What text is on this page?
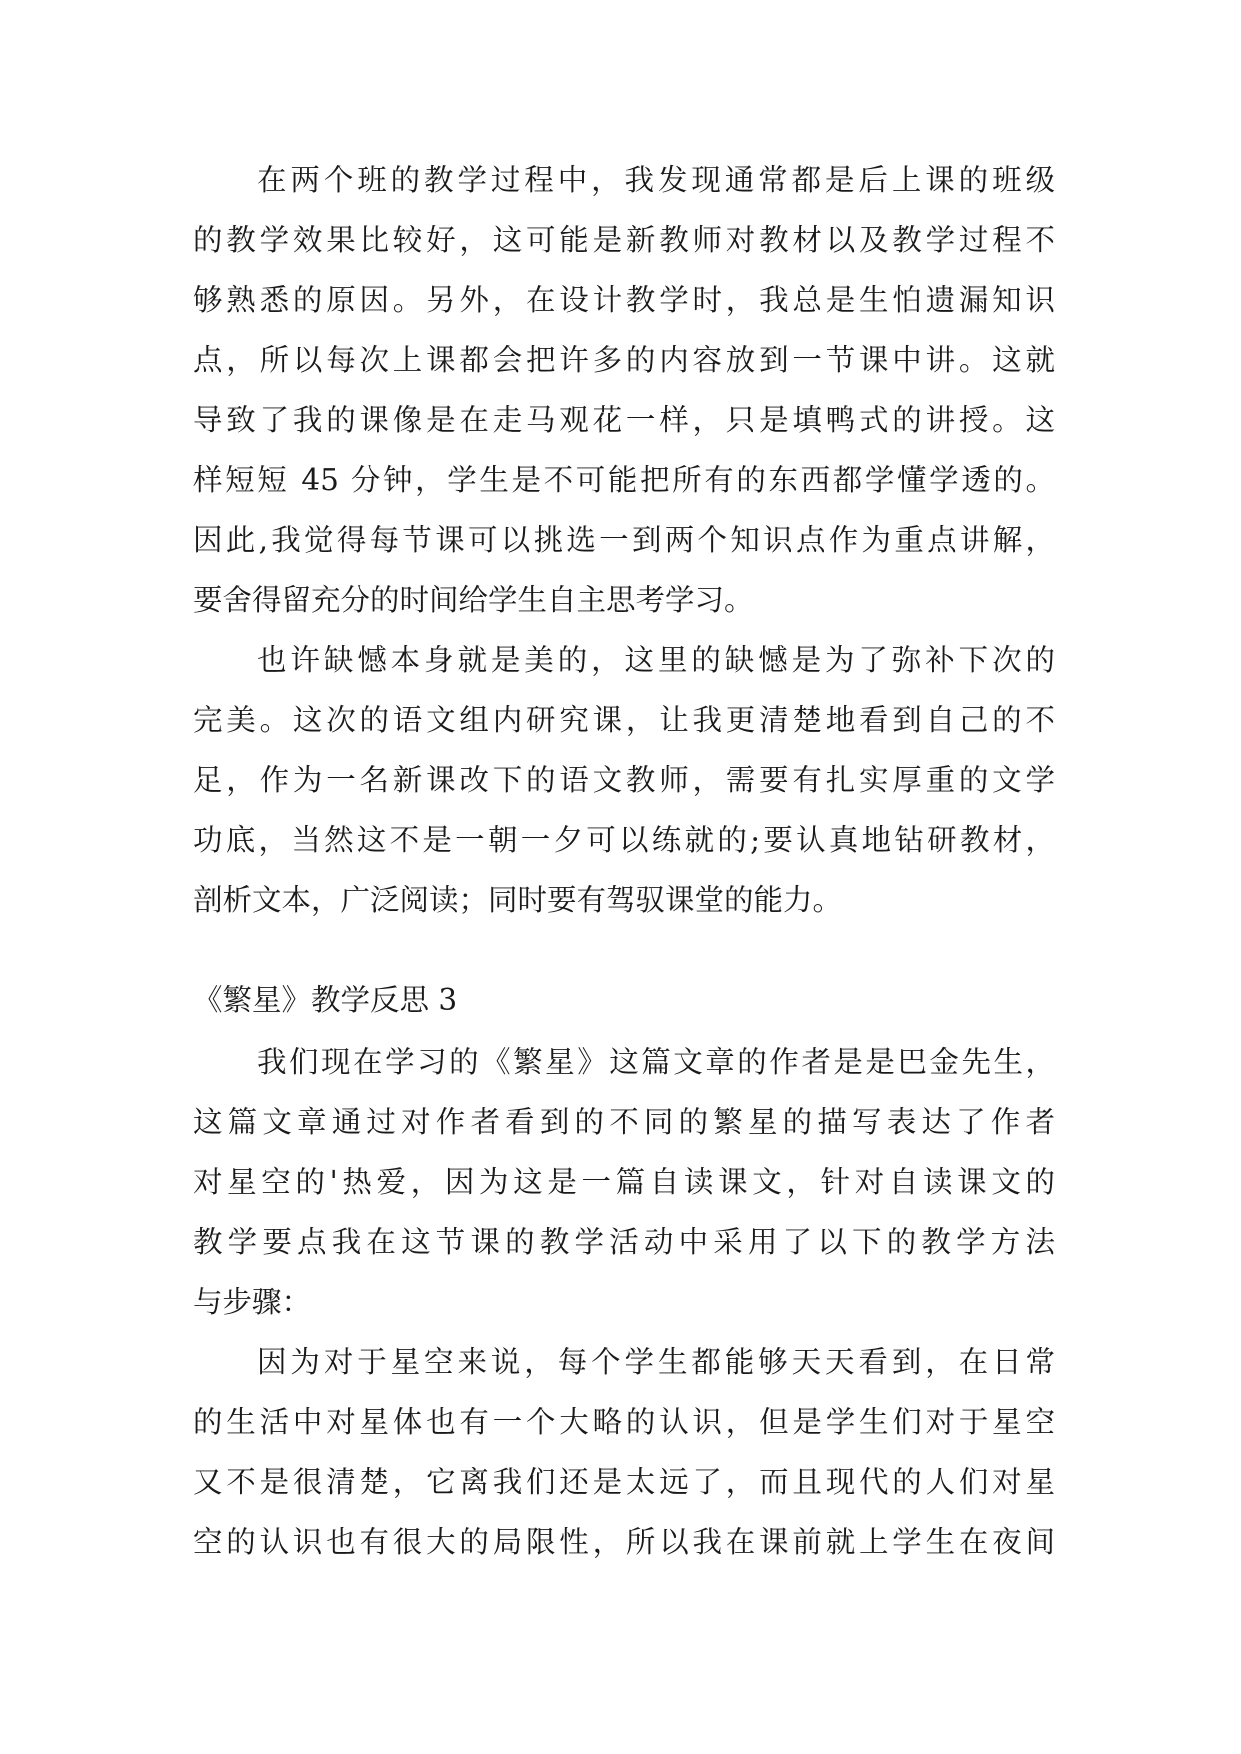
在两个班的教学过程中，我发现通常都是后上课的班级
的教学效果比较好，这可能是新教师对教材以及教学过程不
够熟悉的原因。另外，在设计教学时，我总是生怕遗漏知识
点，所以每次上课都会把许多的内容放到一节课中讲。这就
导致了我的课像是在走马观花一样，只是填鸭式的讲授。这
样短短 45 分钟，学生是不可能把所有的东西都学懂学透的。
因此,我觉得每节课可以挑选一到两个知识点作为重点讲解，
要舍得留充分的时间给学生自主思考学习。
也许缺憾本身就是美的，这里的缺憾是为了弥补下次的
完美。这次的语文组内研究课，让我更清楚地看到自己的不
足，作为一名新课改下的语文教师，需要有扎实厚重的文学
功底，当然这不是一朝一夕可以练就的;要认真地钻研教材，
剖析文本，广泛阅读；同时要有驾驭课堂的能力。
《繁星》教学反思 3
我们现在学习的《繁星》这篇文章的作者是是巴金先生，
这篇文章通过对作者看到的不同的繁星的描写表达了作者
对星空的'热爱，因为这是一篇自读课文，针对自读课文的
教学要点我在这节课的教学活动中采用了以下的教学方法
与步骤：
因为对于星空来说，每个学生都能够天天看到，在日常
的生活中对星体也有一个大略的认识，但是学生们对于星空
又不是很清楚，它离我们还是太远了，而且现代的人们对星
空的认识也有很大的局限性，所以我在课前就上学生在夜间
